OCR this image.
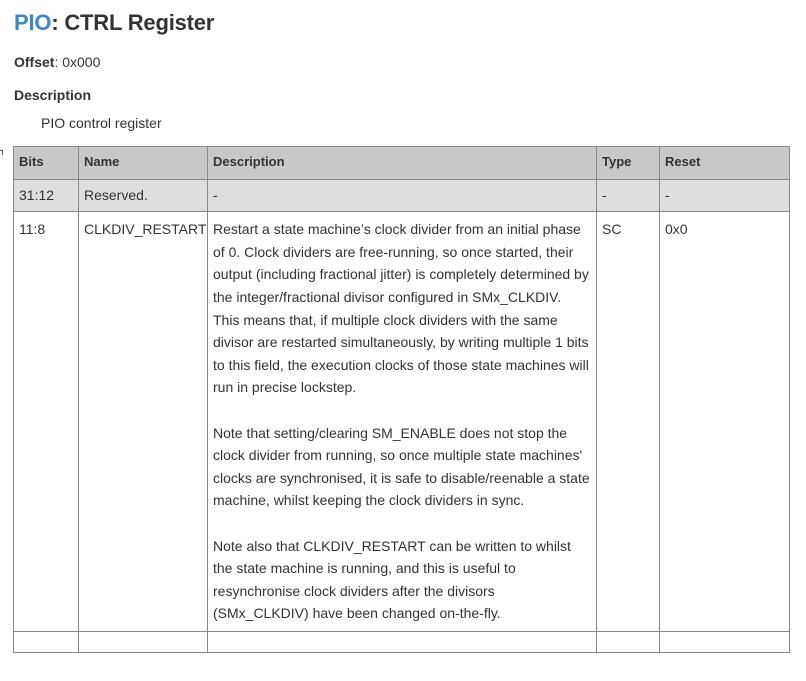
PIO: CTRL Register
Offset: 0x000
Description
PIO control register
Bits	Name	Description	Type	Reset
31:12	Reserved.	-	-	-
11:8	CLKDIV_RESTART	Restart a state machine’s clock divider from an initial phase of 0. Clock dividers are free-running, so once started, their output (including fractional jitter) is completely determined by the integer/fractional divisor configured in SMx_CLKDIV. This means that, if multiple clock dividers with the same divisor are restarted simultaneously, by writing multiple 1 bits to this field, the execution clocks of those state machines will run in precise lockstep.

Note that setting/clearing SM_ENABLE does not stop the clock divider from running, so once multiple state machines' clocks are synchronised, it is safe to disable/reenable a state machine, whilst keeping the clock dividers in sync.

Note also that CLKDIV_RESTART can be written to whilst the state machine is running, and this is useful to resynchronise clock dividers after the divisors (SMx_CLKDIV) have been changed on-the-fly.	SC	0x0
